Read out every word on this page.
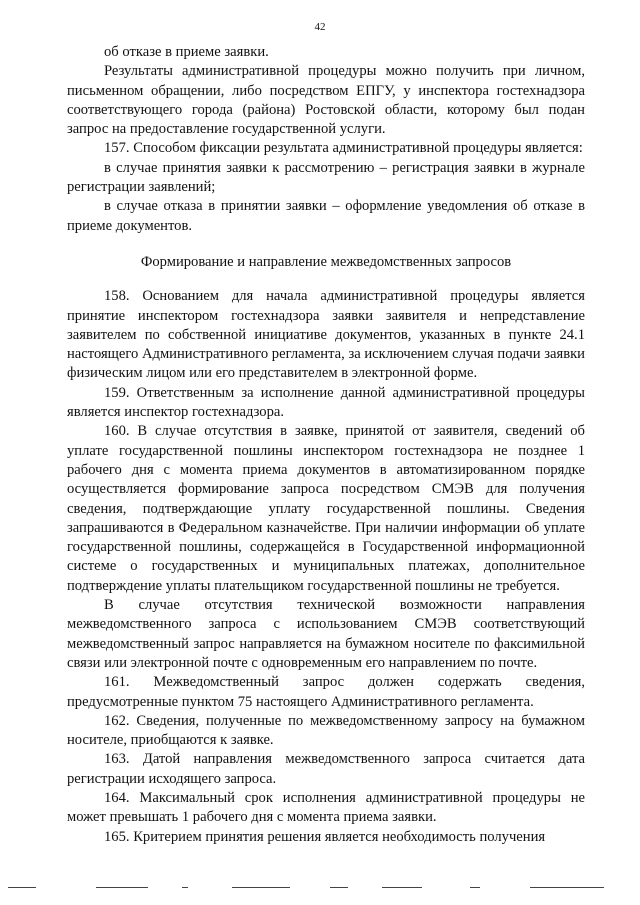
42

об отказе в приеме заявки.

Результаты административной процедуры можно получить при личном, письменном обращении, либо посредством ЕПГУ, у инспектора гостехнадзора соответствующего города (района) Ростовской области, которому был подан запрос на предоставление государственной услуги.

157. Способом фиксации результата административной процедуры является:

в случае принятия заявки к рассмотрению – регистрация заявки в журнале регистрации заявлений;

в случае отказа в принятии заявки – оформление уведомления об отказе в приеме документов.

Формирование и направление межведомственных запросов

158. Основанием для начала административной процедуры является принятие инспектором гостехнадзора заявки заявителя и непредставление заявителем по собственной инициативе документов, указанных в пункте 24.1 настоящего Административного регламента, за исключением случая подачи заявки физическим лицом или его представителем в электронной форме.

159. Ответственным за исполнение данной административной процедуры является инспектор гостехнадзора.

160. В случае отсутствия в заявке, принятой от заявителя, сведений об уплате государственной пошлины инспектором гостехнадзора не позднее 1 рабочего дня с момента приема документов в автоматизированном порядке осуществляется формирование запроса посредством СМЭВ для получения сведения, подтверждающие уплату государственной пошлины. Сведения запрашиваются в Федеральном казначействе. При наличии информации об уплате государственной пошлины, содержащейся в Государственной информационной системе о государственных и муниципальных платежах, дополнительное подтверждение уплаты плательщиком государственной пошлины не требуется.

В случае отсутствия технической возможности направления межведомственного запроса с использованием СМЭВ соответствующий межведомственный запрос направляется на бумажном носителе по факсимильной связи или электронной почте с одновременным его направлением по почте.

161. Межведомственный запрос должен содержать сведения, предусмотренные пунктом 75 настоящего Административного регламента.

162. Сведения, полученные по межведомственному запросу на бумажном носителе, приобщаются к заявке.

163. Датой направления межведомственного запроса считается дата регистрации исходящего запроса.

164. Максимальный срок исполнения административной процедуры не может превышать 1 рабочего дня с момента приема заявки.

165. Критерием принятия решения является необходимость получения
